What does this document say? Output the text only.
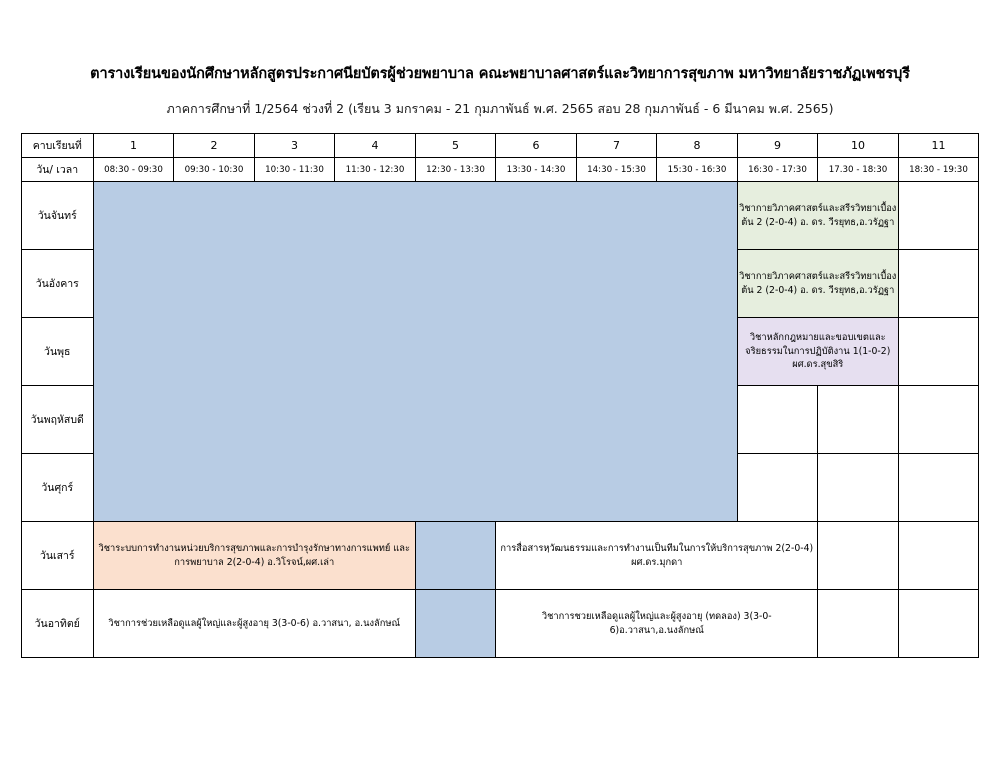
ตารางเรียนของนักศึกษาหลักสูตรประกาศนียบัตรผู้ช่วยพยาบาล คณะพยาบาลศาสตร์และวิทยาการสุขภาพ มหาวิทยาลัยราชภัฏเพชรบุรี
ภาคการศึกษาที่ 1/2564 ช่วงที่ 2 (เรียน 3 มกราคม - 21 กุมภาพันธ์ พ.ศ. 2565 สอบ 28 กุมภาพันธ์ - 6 มีนาคม พ.ศ. 2565)
คาบเรียนที่	1	2	3	4	5	6	7	8	9	10	11
วัน/ เวลา	08:30 - 09:30	09:30 - 10:30	10:30 - 11:30	11:30 - 12:30	12:30 - 13:30	13:30 - 14:30	14:30 - 15:30	15:30 - 16:30	16:30 - 17:30	17.30 - 18:30	18:30 - 19:30
วันจันทร์									วิชากายวิภาคศาสตร์และสรีรวิทยาเบื้องต้น 2 (2-0-4) อ. ดร. วีรยุทธ,อ.วรัฏฐา		
วันอังคาร									วิชากายวิภาคศาสตร์และสรีรวิทยาเบื้องต้น 2 (2-0-4) อ. ดร. วีรยุทธ,อ.วรัฏฐา		
วันพุธ									วิชาหลักกฎหมายและขอบเขตและจริยธรรมในการปฏิบัติงาน 1(1-0-2) ผศ.ดร.สุขสิริ		
วันพฤหัสบดี											
วันศุกร์											
วันเสาร์	วิชาระบบการทำงานหน่วยบริการสุขภาพและการบำรุงรักษาทางการแพทย์ และการพยาบาล 2(2-0-4) อ.วิโรจน์,ผศ.เล่า					การสื่อสารหฺวัฒนธรรมและการทำงานเป็นทีมในการให้บริการสุขภาพ 2(2-0-4) ผศ.ดร.มุกดา					
วันอาทิตย์	วิชาการช่วยเหลือดูแลผู้ใหญ่และผู้สูงอายุ 3(3-0-6) อ.วาสนา, อ.นงลักษณ์					วิชาการชวยเหลือดูแลผู้ใหญ่และผู้สูงอายุ (ทดลอง) 3(3-0-6)อ.วาสนา,อ.นงลักษณ์					
